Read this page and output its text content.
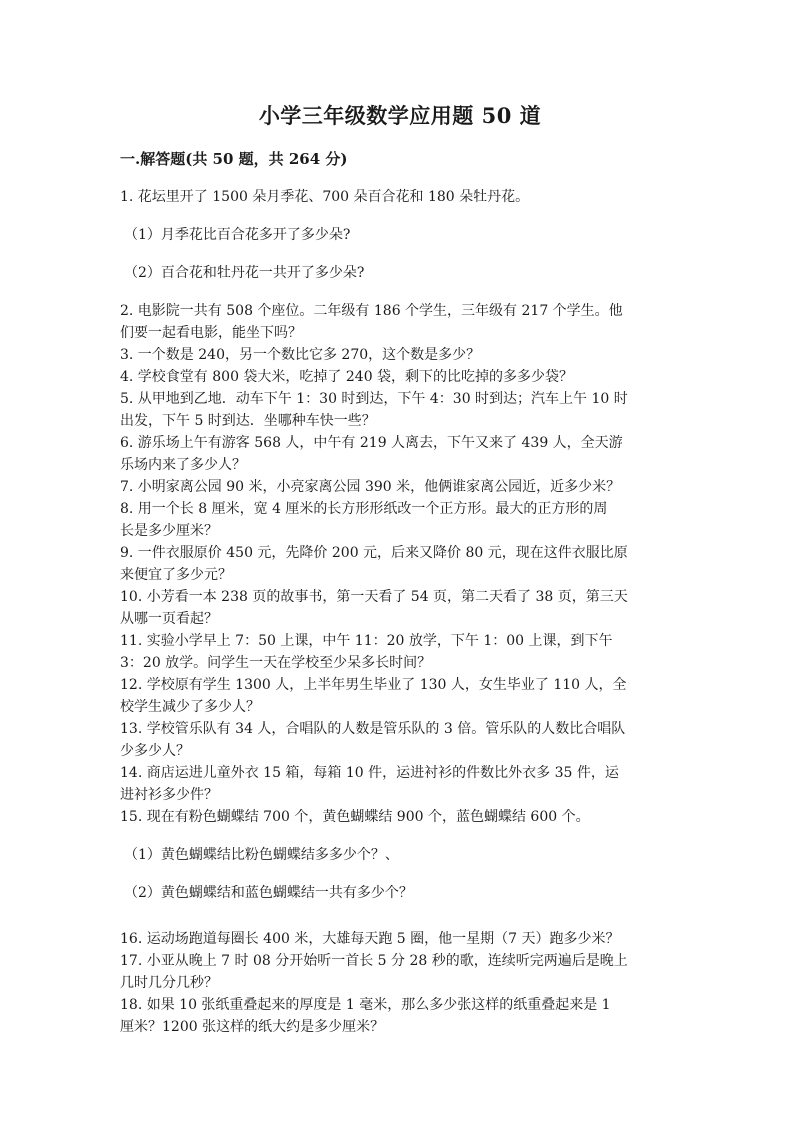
小学三年级数学应用题 50 道
一.解答题(共 50 题，共 264 分)

1. 花坛里开了 1500 朵月季花、700 朵百合花和 180 朵牡丹花。

（1）月季花比百合花多开了多少朵?

（2）百合花和牡丹花一共开了多少朵?

2. 电影院一共有 508 个座位。二年级有 186 个学生，三年级有 217 个学生。他

们要一起看电影，能坐下吗？

3. 一个数是 240，另一个数比它多 270，这个数是多少？

4. 学校食堂有 800 袋大米，吃掉了 240 袋，剩下的比吃掉的多多少袋？

5. 从甲地到乙地．动车下午 1：30 时到达，下午 4：30 时到达；汽车上午 10 时

出发，下午 5 时到达．坐哪种车快一些？

6. 游乐场上午有游客 568 人，中午有 219 人离去，下午又来了 439 人，全天游

乐场内来了多少人？

7. 小明家离公园 90 米，小亮家离公园 390 米，他俩谁家离公园近，近多少米？

8. 用一个长 8 厘米，宽 4 厘米的长方形形纸改一个正方形。最大的正方形的周

长是多少厘米？

9. 一件衣服原价 450 元，先降价 200 元，后来又降价 80 元，现在这件衣服比原

来便宜了多少元？

10. 小芳看一本 238 页的故事书，第一天看了 54 页，第二天看了 38 页，第三天

从哪一页看起？

11. 实验小学早上 7：50 上课，中午 11：20 放学，下午 1：00 上课，到下午

3：20 放学。问学生一天在学校至少呆多长时间？

12. 学校原有学生 1300 人，上半年男生毕业了 130 人，女生毕业了 110 人，全

校学生减少了多少人？

13. 学校管乐队有 34 人，合唱队的人数是管乐队的 3 倍。管乐队的人数比合唱队

少多少人？

14. 商店运进儿童外衣 15 箱，每箱 10 件，运进衬衫的件数比外衣多 35 件，运

进衬衫多少件？

15. 现在有粉色蝴蝶结 700 个，黄色蝴蝶结 900 个，蓝色蝴蝶结 600 个。

（1）黄色蝴蝶结比粉色蝴蝶结多多少个？、

（2）黄色蝴蝶结和蓝色蝴蝶结一共有多少个？

16. 运动场跑道每圈长 400 米，大雄每天跑 5 圈，他一星期（7 天）跑多少米？

17. 小亚从晚上 7 时 08 分开始听一首长 5 分 28 秒的歌，连续听完两遍后是晚上

几时几分几秒？

18. 如果 10 张纸重叠起来的厚度是 1 毫米，那么多少张这样的纸重叠起来是 1

厘米？1200 张这样的纸大约是多少厘米？
